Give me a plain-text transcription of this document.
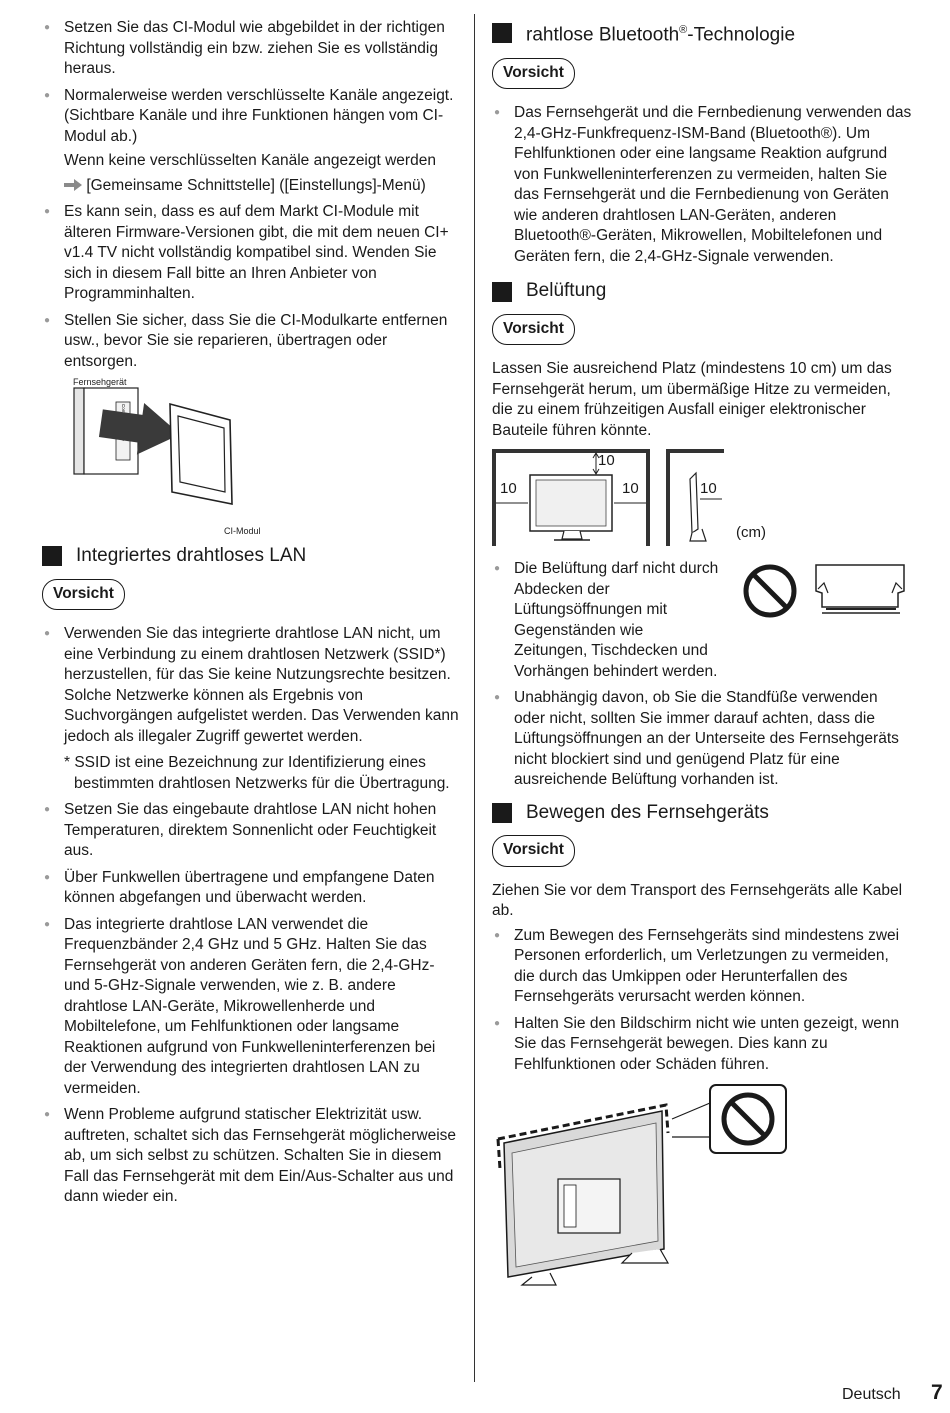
● Setzen Sie das CI-Modul wie abgebildet in der richtigen Richtung vollständig ein bzw. ziehen Sie es vollständig heraus.

● Normalerweise werden verschlüsselte Kanäle angezeigt. (Sichtbare Kanäle und ihre Funktionen hängen vom CI-Modul ab.)

Wenn keine verschlüsselten Kanäle angezeigt werden

[Gemeinsame Schnittstelle] ([Einstellungs]-Menü)

● Es kann sein, dass es auf dem Markt CI-Module mit älteren Firmware-Versionen gibt, die mit dem neuen CI+ v1.4 TV nicht vollständig kompatibel sind. Wenden Sie sich in diesem Fall bitte an Ihren Anbieter von Programminhalten.

● Stellen Sie sicher, dass Sie die CI-Modulkarte entfernen usw., bevor Sie sie reparieren, übertragen oder entsorgen.

Fernsehgerät
CI-Modul
Integriertes drahtloses LAN
Vorsicht

● Verwenden Sie das integrierte drahtlose LAN nicht, um eine Verbindung zu einem drahtlosen Netzwerk (SSID*) herzustellen, für das Sie keine Nutzungsrechte besitzen. Solche Netzwerke können als Ergebnis von Suchvorgängen aufgelistet werden. Das Verwenden kann jedoch als illegaler Zugriff gewertet werden.

* SSID ist eine Bezeichnung zur Identifizierung eines bestimmten drahtlosen Netzwerks für die Übertragung.

● Setzen Sie das eingebaute drahtlose LAN nicht hohen Temperaturen, direktem Sonnenlicht oder Feuchtigkeit aus.

● Über Funkwellen übertragene und empfangene Daten können abgefangen und überwacht werden.

● Das integrierte drahtlose LAN verwendet die Frequenzbänder 2,4 GHz und 5 GHz. Halten Sie das Fernsehgerät von anderen Geräten fern, die 2,4-GHz- und 5-GHz-Signale verwenden, wie z. B. andere drahtlose LAN-Geräte, Mikrowellenherde und Mobiltelefone, um Fehlfunktionen oder langsame Reaktionen aufgrund von Funkwelleninterferenzen bei der Verwendung des integrierten drahtlosen LAN zu vermeiden.

● Wenn Probleme aufgrund statischer Elektrizität usw. auftreten, schaltet sich das Fernsehgerät möglicherweise ab, um sich selbst zu schützen. Schalten Sie in diesem Fall das Fernsehgerät mit dem Ein/Aus-Schalter aus und dann wieder ein.

rahtlose Bluetooth®-Technologie
Vorsicht

● Das Fernsehgerät und die Fernbedienung verwenden das 2,4-GHz-Funkfrequenz-ISM-Band (Bluetooth®). Um Fehlfunktionen oder eine langsame Reaktion aufgrund von Funkwelleninterferenzen zu vermeiden, halten Sie das Fernsehgerät und die Fernbedienung von Geräten wie anderen drahtlosen LAN-Geräten, anderen Bluetooth®-Geräten, Mikrowellen, Mobiltelefonen und Geräten fern, die 2,4-GHz-Signale verwenden.

Belüftung
Vorsicht

Lassen Sie ausreichend Platz (mindestens 10 cm) um das Fernsehgerät herum, um übermäßige Hitze zu vermeiden, die zu einem frühzeitigen Ausfall einiger elektronischer Bauteile führen könnte.

10
10	10	10
(cm)

● Die Belüftung darf nicht durch Abdecken der Lüftungsöffnungen mit Gegenständen wie Zeitungen, Tischdecken und Vorhängen behindert werden.

● Unabhängig davon, ob Sie die Standfüße verwenden oder nicht, sollten Sie immer darauf achten, dass die Lüftungsöffnungen an der Unterseite des Fernsehgeräts nicht blockiert sind und genügend Platz für eine ausreichende Belüftung vorhanden ist.

Bewegen des Fernsehgeräts
Vorsicht

Ziehen Sie vor dem Transport des Fernsehgeräts alle Kabel ab.

● Zum Bewegen des Fernsehgeräts sind mindestens zwei Personen erforderlich, um Verletzungen zu vermeiden, die durch das Umkippen oder Herunterfallen des Fernsehgeräts verursacht werden können.

● Halten Sie den Bildschirm nicht wie unten gezeigt, wenn Sie das Fernsehgerät bewegen. Dies kann zu Fehlfunktionen oder Schäden führen.

Deutsch 7
